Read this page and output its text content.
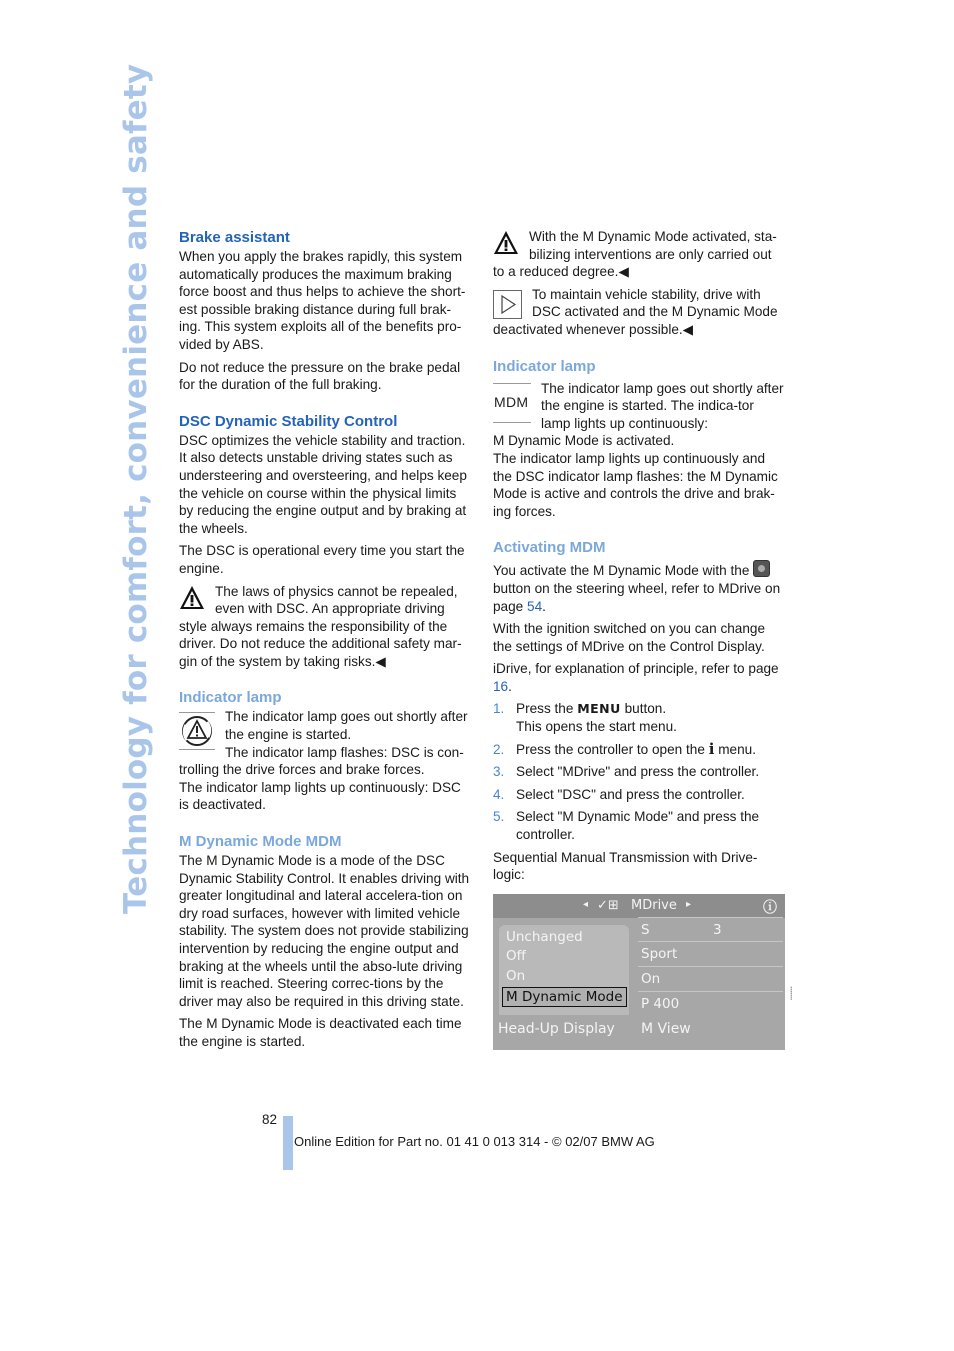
Technology for comfort, convenience and safety	Brake assistant

When you apply the brakes rapidly, this system automatically produces the maximum braking force boost and thus helps to achieve the short-est possible braking distance during full brak-ing. This system exploits all of the benefits pro-vided by ABS.

Do not reduce the pressure on the brake pedal for the duration of the full braking.

DSC Dynamic Stability Control

DSC optimizes the vehicle stability and traction. It also detects unstable driving states such as understeering and oversteering, and helps keep the vehicle on course within the physical limits by reducing the engine output and by braking at the wheels.

The DSC is operational every time you start the engine.

The laws of physics cannot be repealed, even with DSC. An appropriate driving style always remains the responsibility of the driver. Do not reduce the additional safety mar-gin of the system by taking risks.◀

Indicator lamp
The indicator lamp goes out shortly after the engine is started.
The indicator lamp flashes: DSC is con-trolling the drive forces and brake forces.

The indicator lamp lights up continuously: DSC is deactivated.

M Dynamic Mode MDM

The M Dynamic Mode is a mode of the DSC Dynamic Stability Control. It enables driving with greater longitudinal and lateral accelera-tion on dry road surfaces, however with limited vehicle stability. The system does not provide stabilizing intervention by reducing the engine output and braking at the wheels until the abso-lute driving limit is reached. Steering correc-tions by the driver may also be required in this driving state.

The M Dynamic Mode is deactivated each time the engine is started.

With the M Dynamic Mode activated, sta-bilizing interventions are only carried out to a reduced degree.◀

To maintain vehicle stability, drive with DSC activated and the M Dynamic Mode deactivated whenever possible.◀

Indicator lamp
MDM
The indicator lamp goes out shortly after the engine is started. The indica-tor lamp lights up continuously:
M Dynamic Mode is activated.

The indicator lamp lights up continuously and the DSC indicator lamp flashes: the M Dynamic Mode is active and controls the drive and brak-ing forces.

Activating MDM

You activate the M Dynamic Mode with the
button on the steering wheel, refer to MDrive on page 54.

With the ignition switched on you can change the settings of MDrive on the Control Display.

iDrive, for explanation of principle, refer to page 16.

1. Press the MENU button.
This opens the start menu.
2. Press the controller to open the i menu.
3. Select "MDrive" and press the controller.
4. Select "DSC" and press the controller.
5. Select "M Dynamic Mode" and press the controller.

Sequential Manual Transmission with Drive-logic:

◂ ✓⊞ MDrive ▸	ⓘ
Unchanged
Off
On
M Dynamic Mode
S	3
Sport
On
P 400
Head-Up Display M View
▪▪▪▪▪▪▪
82
Online Edition for Part no. 01 41 0 013 314 - © 02/07 BMW AG
